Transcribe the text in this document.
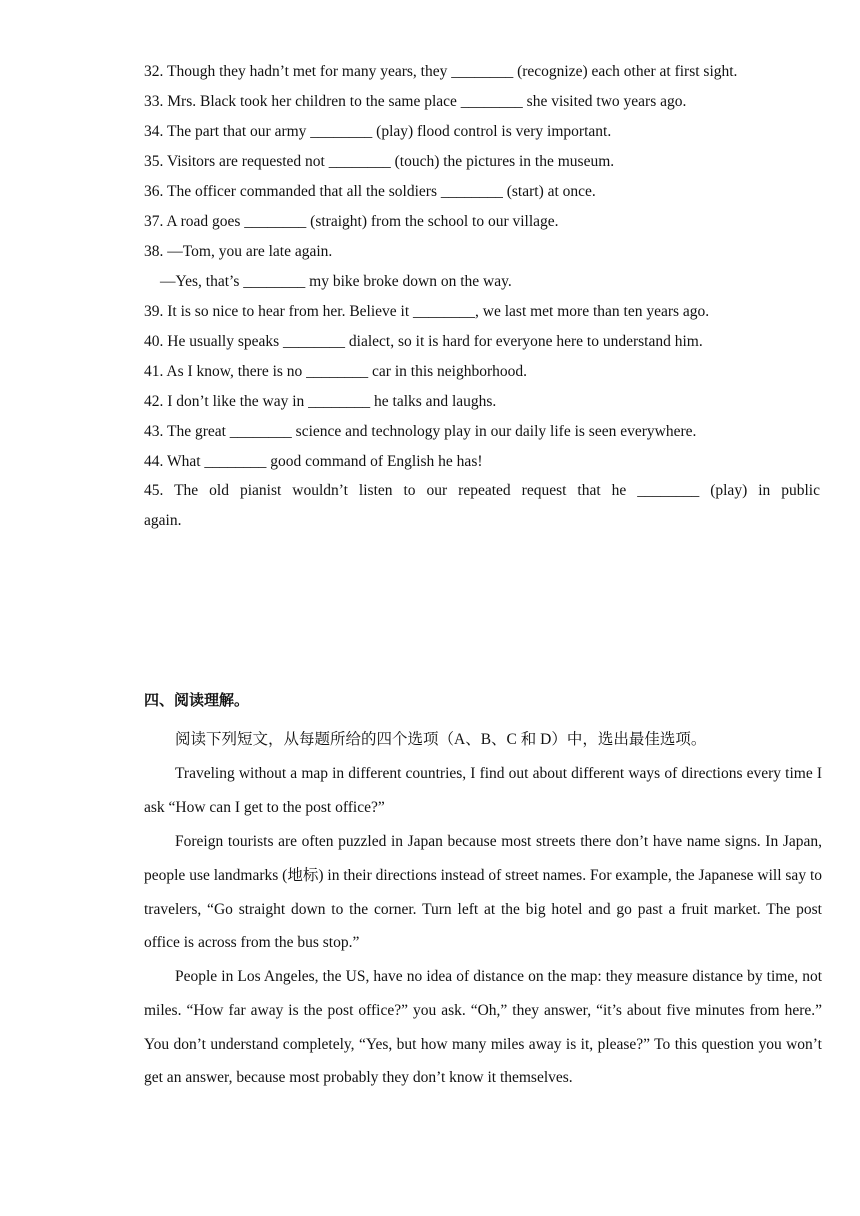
32. Though they hadn’t met for many years, they ________ (recognize) each other at first sight.
33. Mrs. Black took her children to the same place ________ she visited two years ago.
34. The part that our army ________ (play) flood control is very important.
35. Visitors are requested not ________ (touch) the pictures in the museum.
36. The officer commanded that all the soldiers ________ (start) at once.
37. A road goes ________ (straight) from the school to our village.
38. —Tom, you are late again.
—Yes, that’s ________ my bike broke down on the way.
39. It is so nice to hear from her. Believe it ________, we last met more than ten years ago.
40. He usually speaks ________ dialect, so it is hard for everyone here to understand him.
41. As I know, there is no ________ car in this neighborhood.
42. I don’t like the way in ________ he talks and laughs.
43. The great ________ science and technology play in our daily life is seen everywhere.
44. What ________ good command of English he has!
45. The old pianist wouldn’t listen to our repeated request that he ________ (play) in public
again.
四、阅读理解。
阅读下列短文，从每题所给的四个选项（A、B、C 和 D）中，选出最佳选项。
Traveling without a map in different countries, I find out about different ways of directions every time I ask “How can I get to the post office?”
Foreign tourists are often puzzled in Japan because most streets there don’t have name signs. In Japan, people use landmarks (地标) in their directions instead of street names. For example, the Japanese will say to travelers, “Go straight down to the corner. Turn left at the big hotel and go past a fruit market. The post office is across from the bus stop.”
People in Los Angeles, the US, have no idea of distance on the map: they measure distance by time, not miles. “How far away is the post office?” you ask. “Oh,” they answer, “it’s about five minutes from here.” You don’t understand completely, “Yes, but how many miles away is it, please?” To this question you won’t get an answer, because most probably they don’t know it themselves.
